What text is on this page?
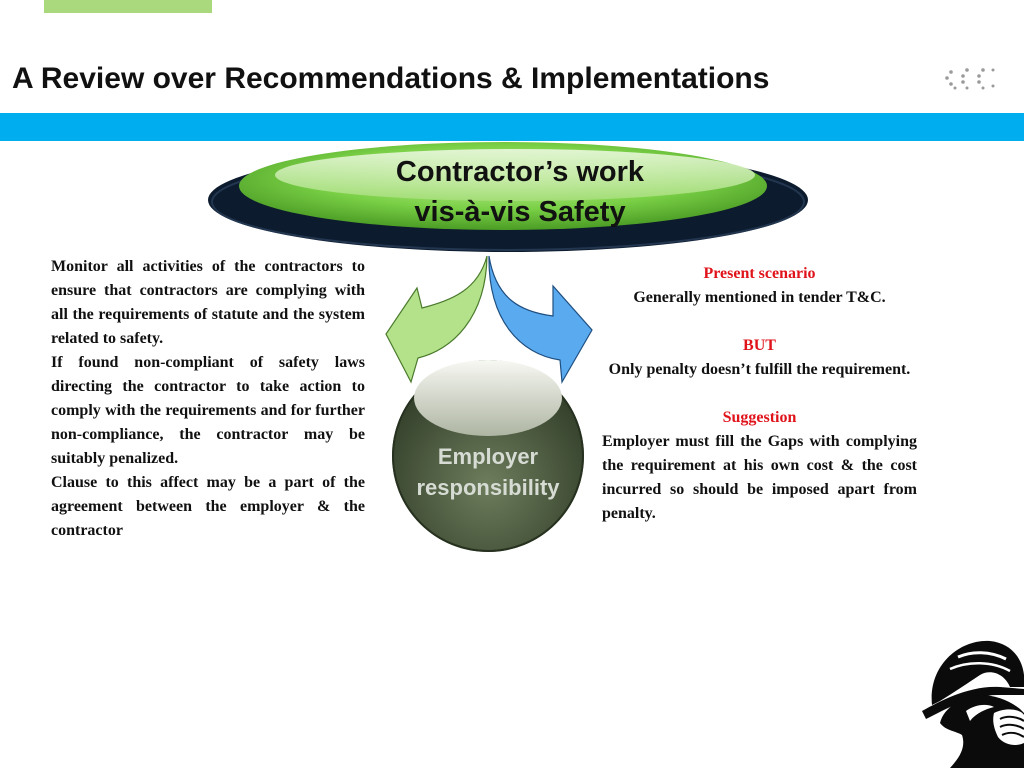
A Review over Recommendations & Implementations
Contractor’s work
vis-à-vis Safety
Employer
responsibility

Monitor all activities of the contractors to ensure that contractors are complying with all the requirements of statute and the system related to safety.

If found non-compliant of safety laws directing the contractor to take action to comply with the requirements and for further non-compliance, the contractor may be suitably penalized.

Clause to this affect may be a part of the agreement between the employer & the contractor

Present scenario
Generally mentioned in tender T&C.
BUT
Only penalty doesn’t fulfill the requirement.
Suggestion
Employer must fill the Gaps with complying the requirement at his own cost & the cost incurred so should be imposed apart from penalty.
